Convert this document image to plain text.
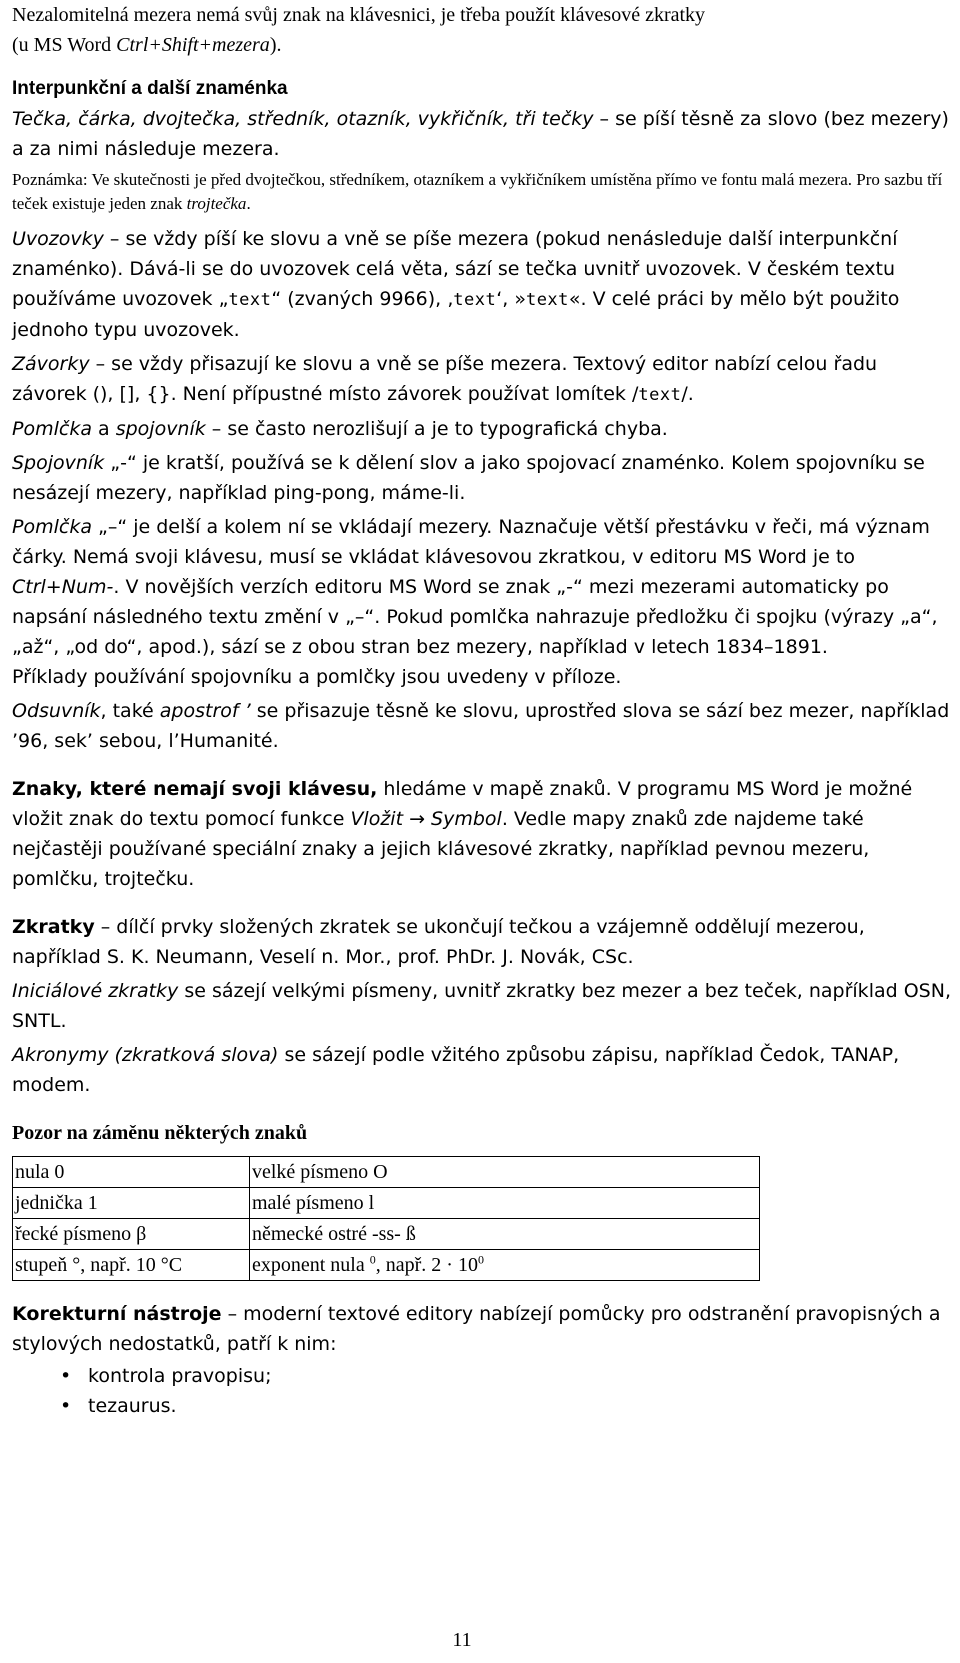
Nezalomitelná mezera nemá svůj znak na klávesnici, je třeba použít klávesové zkratky
(u MS Word Ctrl+Shift+mezera).

Interpunkční a další znaménka

Tečka, čárka, dvojtečka, středník, otazník, vykřičník, tři tečky – se píší těsně za slovo (bez mezery) a za nimi následuje mezera.

Poznámka: Ve skutečnosti je před dvojtečkou, středníkem, otazníkem a vykřičníkem umístěna přímo ve fontu malá mezera. Pro sazbu tří teček existuje jeden znak trojtečka.

Uvozovky – se vždy píší ke slovu a vně se píše mezera (pokud nenásleduje další interpunkční znaménko). Dává-li se do uvozovek celá věta, sází se tečka uvnitř uvozovek. V českém textu používáme uvozovek „text“ (zvaných 9966), ‚text‘, »text«. V celé práci by mělo být použito jednoho typu uvozovek.

Závorky – se vždy přisazují ke slovu a vně se píše mezera. Textový editor nabízí celou řadu závorek (), [], {}. Není přípustné místo závorek používat lomítek /text/.

Pomlčka a spojovník – se často nerozlišují a je to typografická chyba.

Spojovník „-“ je kratší, používá se k dělení slov a jako spojovací znaménko. Kolem spojovníku se nesázejí mezery, například ping-pong, máme-li.

Pomlčka „–“ je delší a kolem ní se vkládají mezery. Naznačuje větší přestávku v řeči, má význam čárky. Nemá svoji klávesu, musí se vkládat klávesovou zkratkou, v editoru MS Word je to Ctrl+Num-. V novějších verzích editoru MS Word se znak „-“ mezi mezerami automaticky po napsání následného textu změní v „–“. Pokud pomlčka nahrazuje předložku či spojku (výrazy „a“, „až“, „od do“, apod.), sází se z obou stran bez mezery, například v letech 1834–1891.

Příklady používání spojovníku a pomlčky jsou uvedeny v příloze.

Odsuvník, také apostrof ’ se přisazuje těsně ke slovu, uprostřed slova se sází bez mezer, například ’96, sek’ sebou, l’Humanité.

Znaky, které nemají svoji klávesu, hledáme v mapě znaků. V programu MS Word je možné vložit znak do textu pomocí funkce Vložit → Symbol. Vedle mapy znaků zde najdeme také nejčastěji používané speciální znaky a jejich klávesové zkratky, například pevnou mezeru, pomlčku, trojtečku.

Zkratky – dílčí prvky složených zkratek se ukončují tečkou a vzájemně oddělují mezerou, například S. K. Neumann, Veselí n. Mor., prof. PhDr. J. Novák, CSc.

Iniciálové zkratky se sázejí velkými písmeny, uvnitř zkratky bez mezer a bez teček, například OSN, SNTL.

Akronymy (zkratková slova) se sázejí podle vžitého způsobu zápisu, například Čedok, TANAP, modem.

Pozor na záměnu některých znaků

nula 0	velké písmeno O
jednička 1	malé písmeno l
řecké písmeno β	německé ostré -ss- ß
stupeň °, např. 10 °C	exponent nula $^0$, např. $2 \cdot 10^0$

Korekturní nástroje – moderní textové editory nabízejí pomůcky pro odstranění pravopisných a stylových nedostatků, patří k nim:

• kontrola pravopisu;
• tezaurus.
11
